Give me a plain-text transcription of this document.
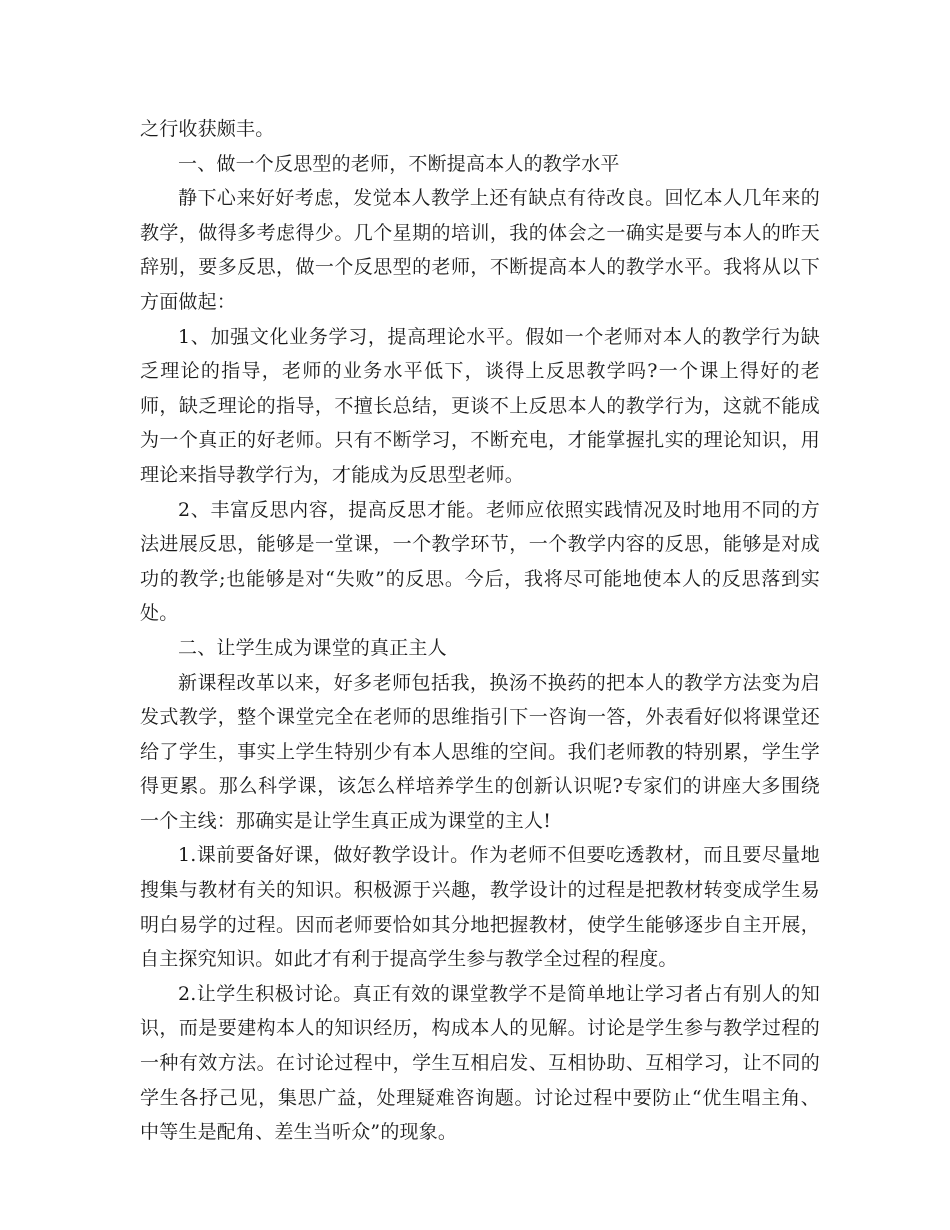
之行收获颇丰。

一、做一个反思型的老师，不断提高本人的教学水平

静下心来好好考虑，发觉本人教学上还有缺点有待改良。回忆本人几年来的教学，做得多考虑得少。几个星期的培训，我的体会之一确实是要与本人的昨天辞别，要多反思，做一个反思型的老师，不断提高本人的教学水平。我将从以下方面做起：

1、加强文化业务学习，提高理论水平。假如一个老师对本人的教学行为缺乏理论的指导，老师的业务水平低下，谈得上反思教学吗?一个课上得好的老师，缺乏理论的指导，不擅长总结，更谈不上反思本人的教学行为，这就不能成为一个真正的好老师。只有不断学习，不断充电，才能掌握扎实的理论知识，用理论来指导教学行为，才能成为反思型老师。

2、丰富反思内容，提高反思才能。老师应依照实践情况及时地用不同的方法进展反思，能够是一堂课，一个教学环节，一个教学内容的反思，能够是对成功的教学;也能够是对“失败”的反思。今后，我将尽可能地使本人的反思落到实处。

二、让学生成为课堂的真正主人

新课程改革以来，好多老师包括我，换汤不换药的把本人的教学方法变为启发式教学，整个课堂完全在老师的思维指引下一咨询一答，外表看好似将课堂还给了学生，事实上学生特别少有本人思维的空间。我们老师教的特别累，学生学得更累。那么科学课，该怎么样培养学生的创新认识呢?专家们的讲座大多围绕一个主线：那确实是让学生真正成为课堂的主人!

1.课前要备好课，做好教学设计。作为老师不但要吃透教材，而且要尽量地搜集与教材有关的知识。积极源于兴趣，教学设计的过程是把教材转变成学生易明白易学的过程。因而老师要恰如其分地把握教材，使学生能够逐步自主开展，自主探究知识。如此才有利于提高学生参与教学全过程的程度。

2.让学生积极讨论。真正有效的课堂教学不是简单地让学习者占有别人的知识，而是要建构本人的知识经历，构成本人的见解。讨论是学生参与教学过程的一种有效方法。在讨论过程中，学生互相启发、互相协助、互相学习，让不同的学生各抒己见，集思广益，处理疑难咨询题。讨论过程中要防止“优生唱主角、中等生是配角、差生当听众”的现象。
